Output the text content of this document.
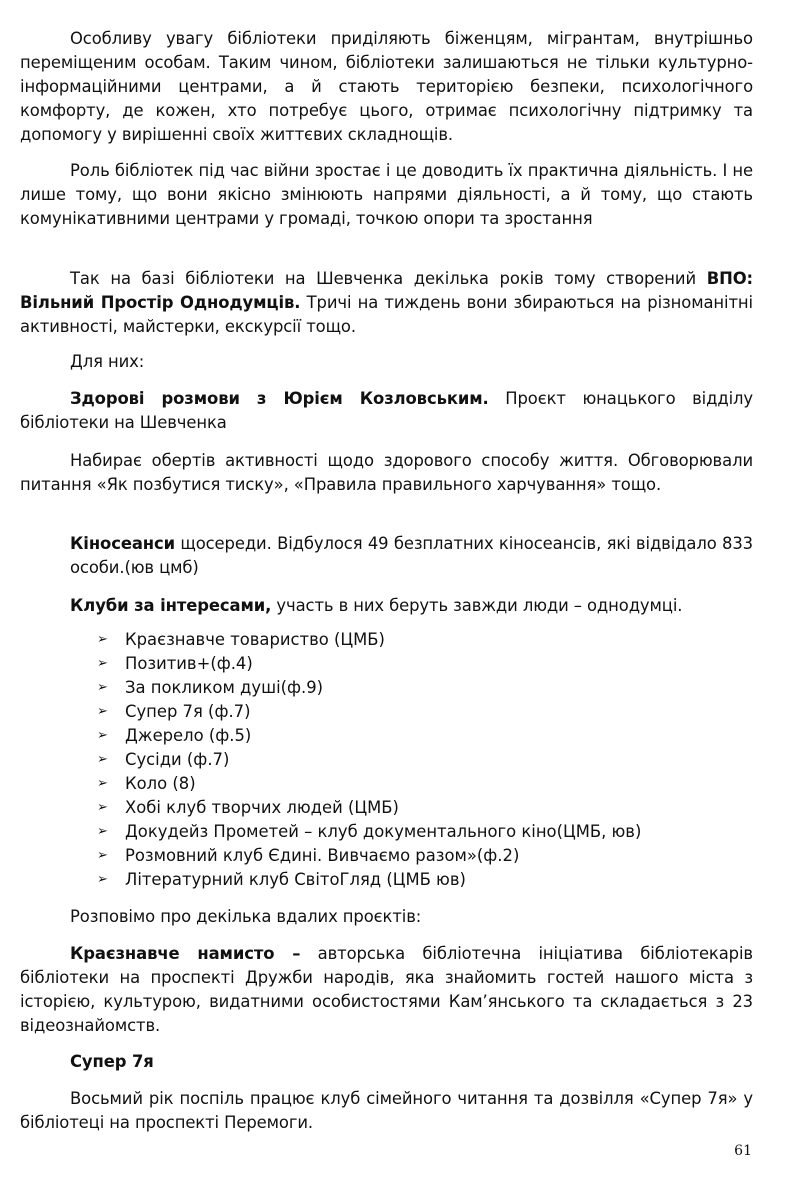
Особливу увагу бібліотеки приділяють біженцям, мігрантам, внутрішньо переміщеним особам. Таким чином, бібліотеки залишаються не тільки культурно-інформаційними центрами, а й стають територією безпеки, психологічного комфорту, де кожен, хто потребує цього, отримає психологічну підтримку та допомогу у вирішенні своїх життєвих складнощів.
Роль бібліотек під час війни зростає і це доводить їх практична діяльність. І не лише тому, що вони якісно змінюють напрями діяльності, а й тому, що стають комунікативними центрами у громаді, точкою опори та зростання
Так на базі бібліотеки на Шевченка декілька років тому створений ВПО: Вільний Простір Однодумців. Тричі на тиждень вони збираються на різноманітні активності, майстерки, екскурсії тощо.
Для них:
Здорові розмови з Юрієм Козловським. Проєкт юнацького відділу бібліотеки на Шевченка
Набирає обертів активності щодо здорового способу життя. Обговорювали питання «Як позбутися тиску», «Правила правильного харчування» тощо.
Кіносеанси щосереди. Відбулося 49 безплатних кіносеансів, які відвідало 833 особи.(юв цмб)
Клуби за інтересами, участь в них беруть завжди люди – однодумці.
➢	Краєзнавче товариство (ЦМБ)
➢	Позитив+(ф.4)
➢	За покликом душі(ф.9)
➢	Супер 7я (ф.7)
➢	Джерело (ф.5)
➢	Сусіди (ф.7)
➢	Коло (8)
➢	Хобі клуб творчих людей (ЦМБ)
➢	Докудейз Прометей – клуб документального кіно(ЦМБ, юв)
➢	Розмовний клуб Єдині. Вивчаємо разом»(ф.2)
➢	Літературний клуб СвітоГляд (ЦМБ юв)
Розповімо про декілька вдалих проєктів:
Краєзнавче намисто – авторська бібліотечна ініціатива бібліотекарів бібліотеки на проспекті Дружби народів, яка знайомить гостей нашого міста з історією, культурою, видатними особистостями Кам’янського та складається з 23 відеознайомств.
Супер 7я
Восьмий рік поспіль працює клуб сімейного читання та дозвілля «Супер 7я» у бібліотеці на проспекті Перемоги.
61
